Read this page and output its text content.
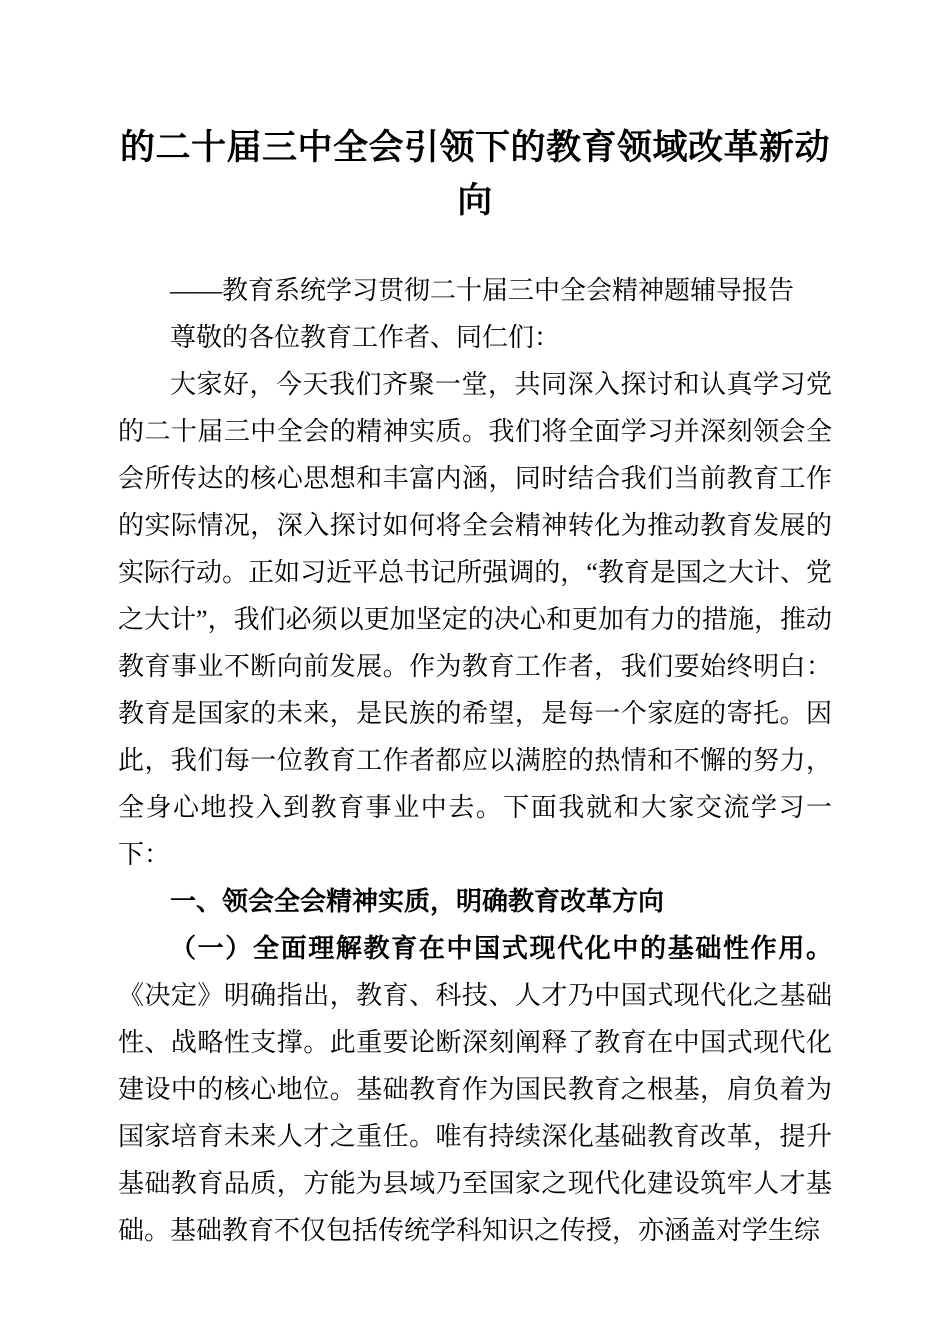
的二十届三中全会引领下的教育领域改革新动向

——教育系统学习贯彻二十届三中全会精神题辅导报告

尊敬的各位教育工作者、同仁们：

大家好，今天我们齐聚一堂，共同深入探讨和认真学习党的二十届三中全会的精神实质。我们将全面学习并深刻领会全会所传达的核心思想和丰富内涵，同时结合我们当前教育工作的实际情况，深入探讨如何将全会精神转化为推动教育发展的实际行动。正如习近平总书记所强调的，“教育是国之大计、党之大计”，我们必须以更加坚定的决心和更加有力的措施，推动教育事业不断向前发展。作为教育工作者，我们要始终明白：教育是国家的未来，是民族的希望，是每一个家庭的寄托。因此，我们每一位教育工作者都应以满腔的热情和不懈的努力，全身心地投入到教育事业中去。下面我就和大家交流学习一下：

一、领会全会精神实质，明确教育改革方向

（一）全面理解教育在中国式现代化中的基础性作用。《决定》明确指出，教育、科技、人才乃中国式现代化之基础性、战略性支撑。此重要论断深刻阐释了教育在中国式现代化建设中的核心地位。基础教育作为国民教育之根基，肩负着为国家培育未来人才之重任。唯有持续深化基础教育改革，提升基础教育品质，方能为县域乃至国家之现代化建设筑牢人才基础。基础教育不仅包括传统学科知识之传授，亦涵盖对学生综
